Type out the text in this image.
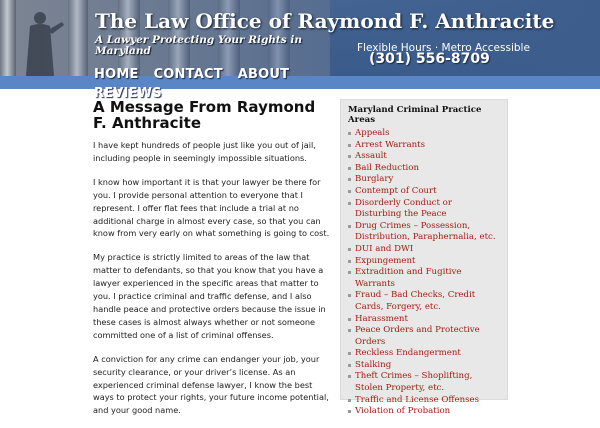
The Law Office of Raymond F. Anthracite

A Lawyer Protecting Your Rights in Maryland	Flexible Hours · Metro Accessible
(301) 556-8709
HOME CONTACT ABOUTREVIEWS
A Message From Raymond F. Anthracite

I have kept hundreds of people just like you out of jail, including people in seemingly impossible situations.

I know how important it is that your lawyer be there for you. I provide personal attention to everyone that I represent. I offer flat fees that include a trial at no additional charge in almost every case, so that you can know from very early on what something is going to cost.

My practice is strictly limited to areas of the law that matter to defendants, so that you know that you have a lawyer experienced in the specific areas that matter to you. I practice criminal and traffic defense, and I also handle peace and protective orders because the issue in these cases is almost always whether or not someone committed one of a list of criminal offenses.

A conviction for any crime can endanger your job, your security clearance, or your driver’s license. As an experienced criminal defense lawyer, I know the best ways to protect your rights, your future income potential, and your good name.

Maryland Criminal Practice Areas
Appeals
Arrest Warrants
Assault
Bail Reduction
Burglary
Contempt of Court
Disorderly Conduct or Disturbing the Peace
Drug Crimes – Possession, Distribution, Paraphernalia, etc.
DUI and DWI
Expungement
Extradition and Fugitive Warrants
Fraud – Bad Checks, Credit Cards, Forgery, etc.
Harassment
Peace Orders and Protective Orders
Reckless Endangerment
Stalking
Theft Crimes – Shoplifting, Stolen Property, etc.
Traffic and License Offenses
Violation of Probation
